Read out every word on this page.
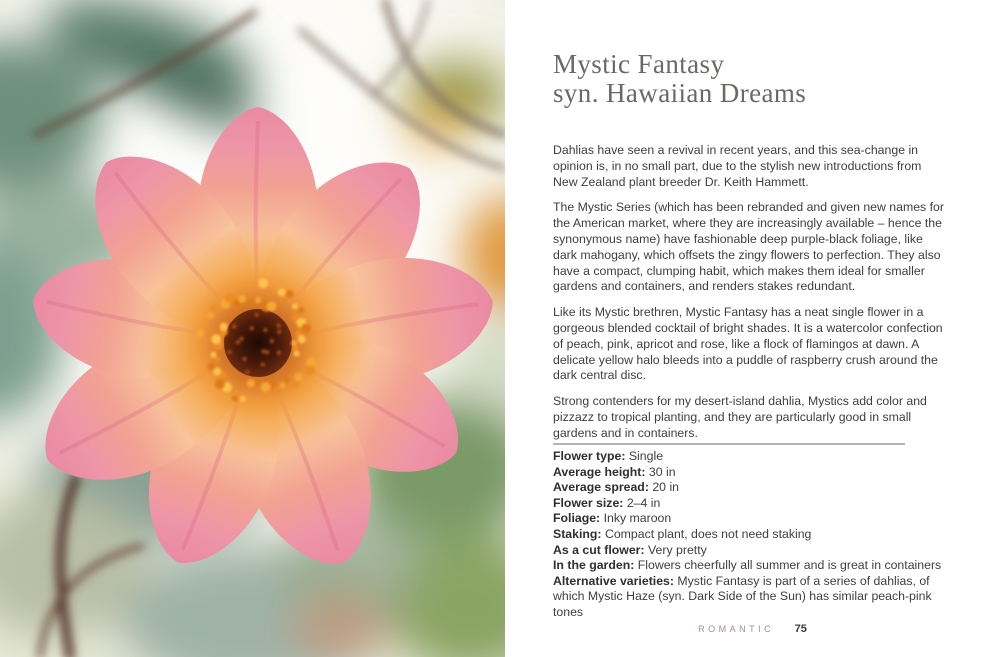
Mystic Fantasy
syn. Hawaiian Dreams

Dahlias have seen a revival in recent years, and this sea-change in opinion is, in no small part, due to the stylish new introductions from New Zealand plant breeder Dr. Keith Hammett.

The Mystic Series (which has been rebranded and given new names for the American market, where they are increasingly available – hence the synonymous name) have fashionable deep purple-black foliage, like dark mahogany, which offsets the zingy flowers to perfection. They also have a compact, clumping habit, which makes them ideal for smaller gardens and containers, and renders stakes redundant.

Like its Mystic brethren, Mystic Fantasy has a neat single flower in a gorgeous blended cocktail of bright shades. It is a watercolor confection of peach, pink, apricot and rose, like a flock of flamingos at dawn. A delicate yellow halo bleeds into a puddle of raspberry crush around the dark central disc.

Strong contenders for my desert-island dahlia, Mystics add color and pizzazz to tropical planting, and they are particularly good in small gardens and in containers.

Flower type: Single
Average height: 30 in
Average spread: 20 in
Flower size: 2–4 in
Foliage: Inky maroon
Staking: Compact plant, does not need staking
As a cut flower: Very pretty
In the garden: Flowers cheerfully all summer and is great in containers
Alternative varieties: Mystic Fantasy is part of a series of dahlias, of which Mystic Haze (syn. Dark Side of the Sun) has similar peach-pink tones
ROMANTIC 75
